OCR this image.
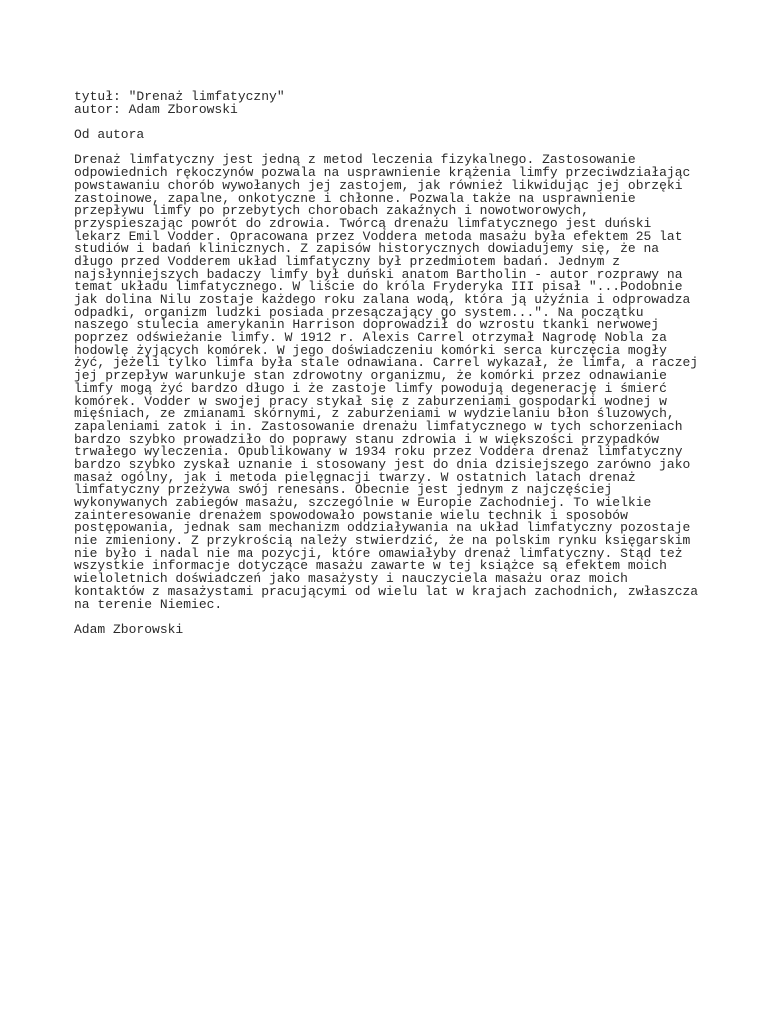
tytuł: "Drenaż limfatyczny"
autor: Adam Zborowski
Od autora
Drenaż limfatyczny jest jedną z metod leczenia fizykalnego. Zastosowanie
odpowiednich rękoczynów pozwala na usprawnienie krążenia limfy przeciwdziałając
powstawaniu chorób wywołanych jej zastojem, jak również likwidując jej obrzęki
zastoinowe, zapalne, onkotyczne i chłonne. Pozwala także na usprawnienie
przepływu limfy po przebytych chorobach zakaźnych i nowotworowych,
przyspieszając powrót do zdrowia. Twórcą drenażu limfatycznego jest duński
lekarz Emil Vodder. Opracowana przez Voddera metoda masażu była efektem 25 lat
studiów i badań klinicznych. Z zapisów historycznych dowiadujemy się, że na
długo przed Vodderem układ limfatyczny był przedmiotem badań. Jednym z
najsłynniejszych badaczy limfy był duński anatom Bartholin - autor rozprawy na
temat układu limfatycznego. W liście do króla Fryderyka III pisał "...Podobnie
jak dolina Nilu zostaje każdego roku zalana wodą, która ją użyźnia i odprowadza
odpadki, organizm ludzki posiada przesączający go system...". Na początku
naszego stulecia amerykanin Harrison doprowadził do wzrostu tkanki nerwowej
poprzez odświeżanie limfy. W 1912 r. Alexis Carrel otrzymał Nagrodę Nobla za
hodowlę żyjących komórek. W jego doświadczeniu komórki serca kurczęcia mogły
żyć, jeżeli tylko limfa była stale odnawiana. Carrel wykazał, że limfa, a raczej
jej przepływ warunkuje stan zdrowotny organizmu, że komórki przez odnawianie
limfy mogą żyć bardzo długo i że zastoje limfy powodują degenerację i śmierć
komórek. Vodder w swojej pracy stykał się z zaburzeniami gospodarki wodnej w
mięśniach, ze zmianami skórnymi, z zaburzeniami w wydzielaniu błon śluzowych,
zapaleniami zatok i in. Zastosowanie drenażu limfatycznego w tych schorzeniach
bardzo szybko prowadziło do poprawy stanu zdrowia i w większości przypadków
trwałego wyleczenia. Opublikowany w 1934 roku przez Voddera drenaż limfatyczny
bardzo szybko zyskał uznanie i stosowany jest do dnia dzisiejszego zarówno jako
masaż ogólny, jak i metoda pielęgnacji twarzy. W ostatnich latach drenaż
limfatyczny przeżywa swój renesans. Obecnie jest jednym z najczęściej
wykonywanych zabiegów masażu, szczególnie w Europie Zachodniej. To wielkie
zainteresowanie drenażem spowodowało powstanie wielu technik i sposobów
postępowania, jednak sam mechanizm oddziaływania na układ limfatyczny pozostaje
nie zmieniony. Z przykrością należy stwierdzić, że na polskim rynku księgarskim
nie było i nadal nie ma pozycji, które omawiałyby drenaż limfatyczny. Stąd też
wszystkie informacje dotyczące masażu zawarte w tej książce są efektem moich
wieloletnich doświadczeń jako masażysty i nauczyciela masażu oraz moich
kontaktów z masażystami pracującymi od wielu lat w krajach zachodnich, zwłaszcza
na terenie Niemiec.
Adam Zborowski
